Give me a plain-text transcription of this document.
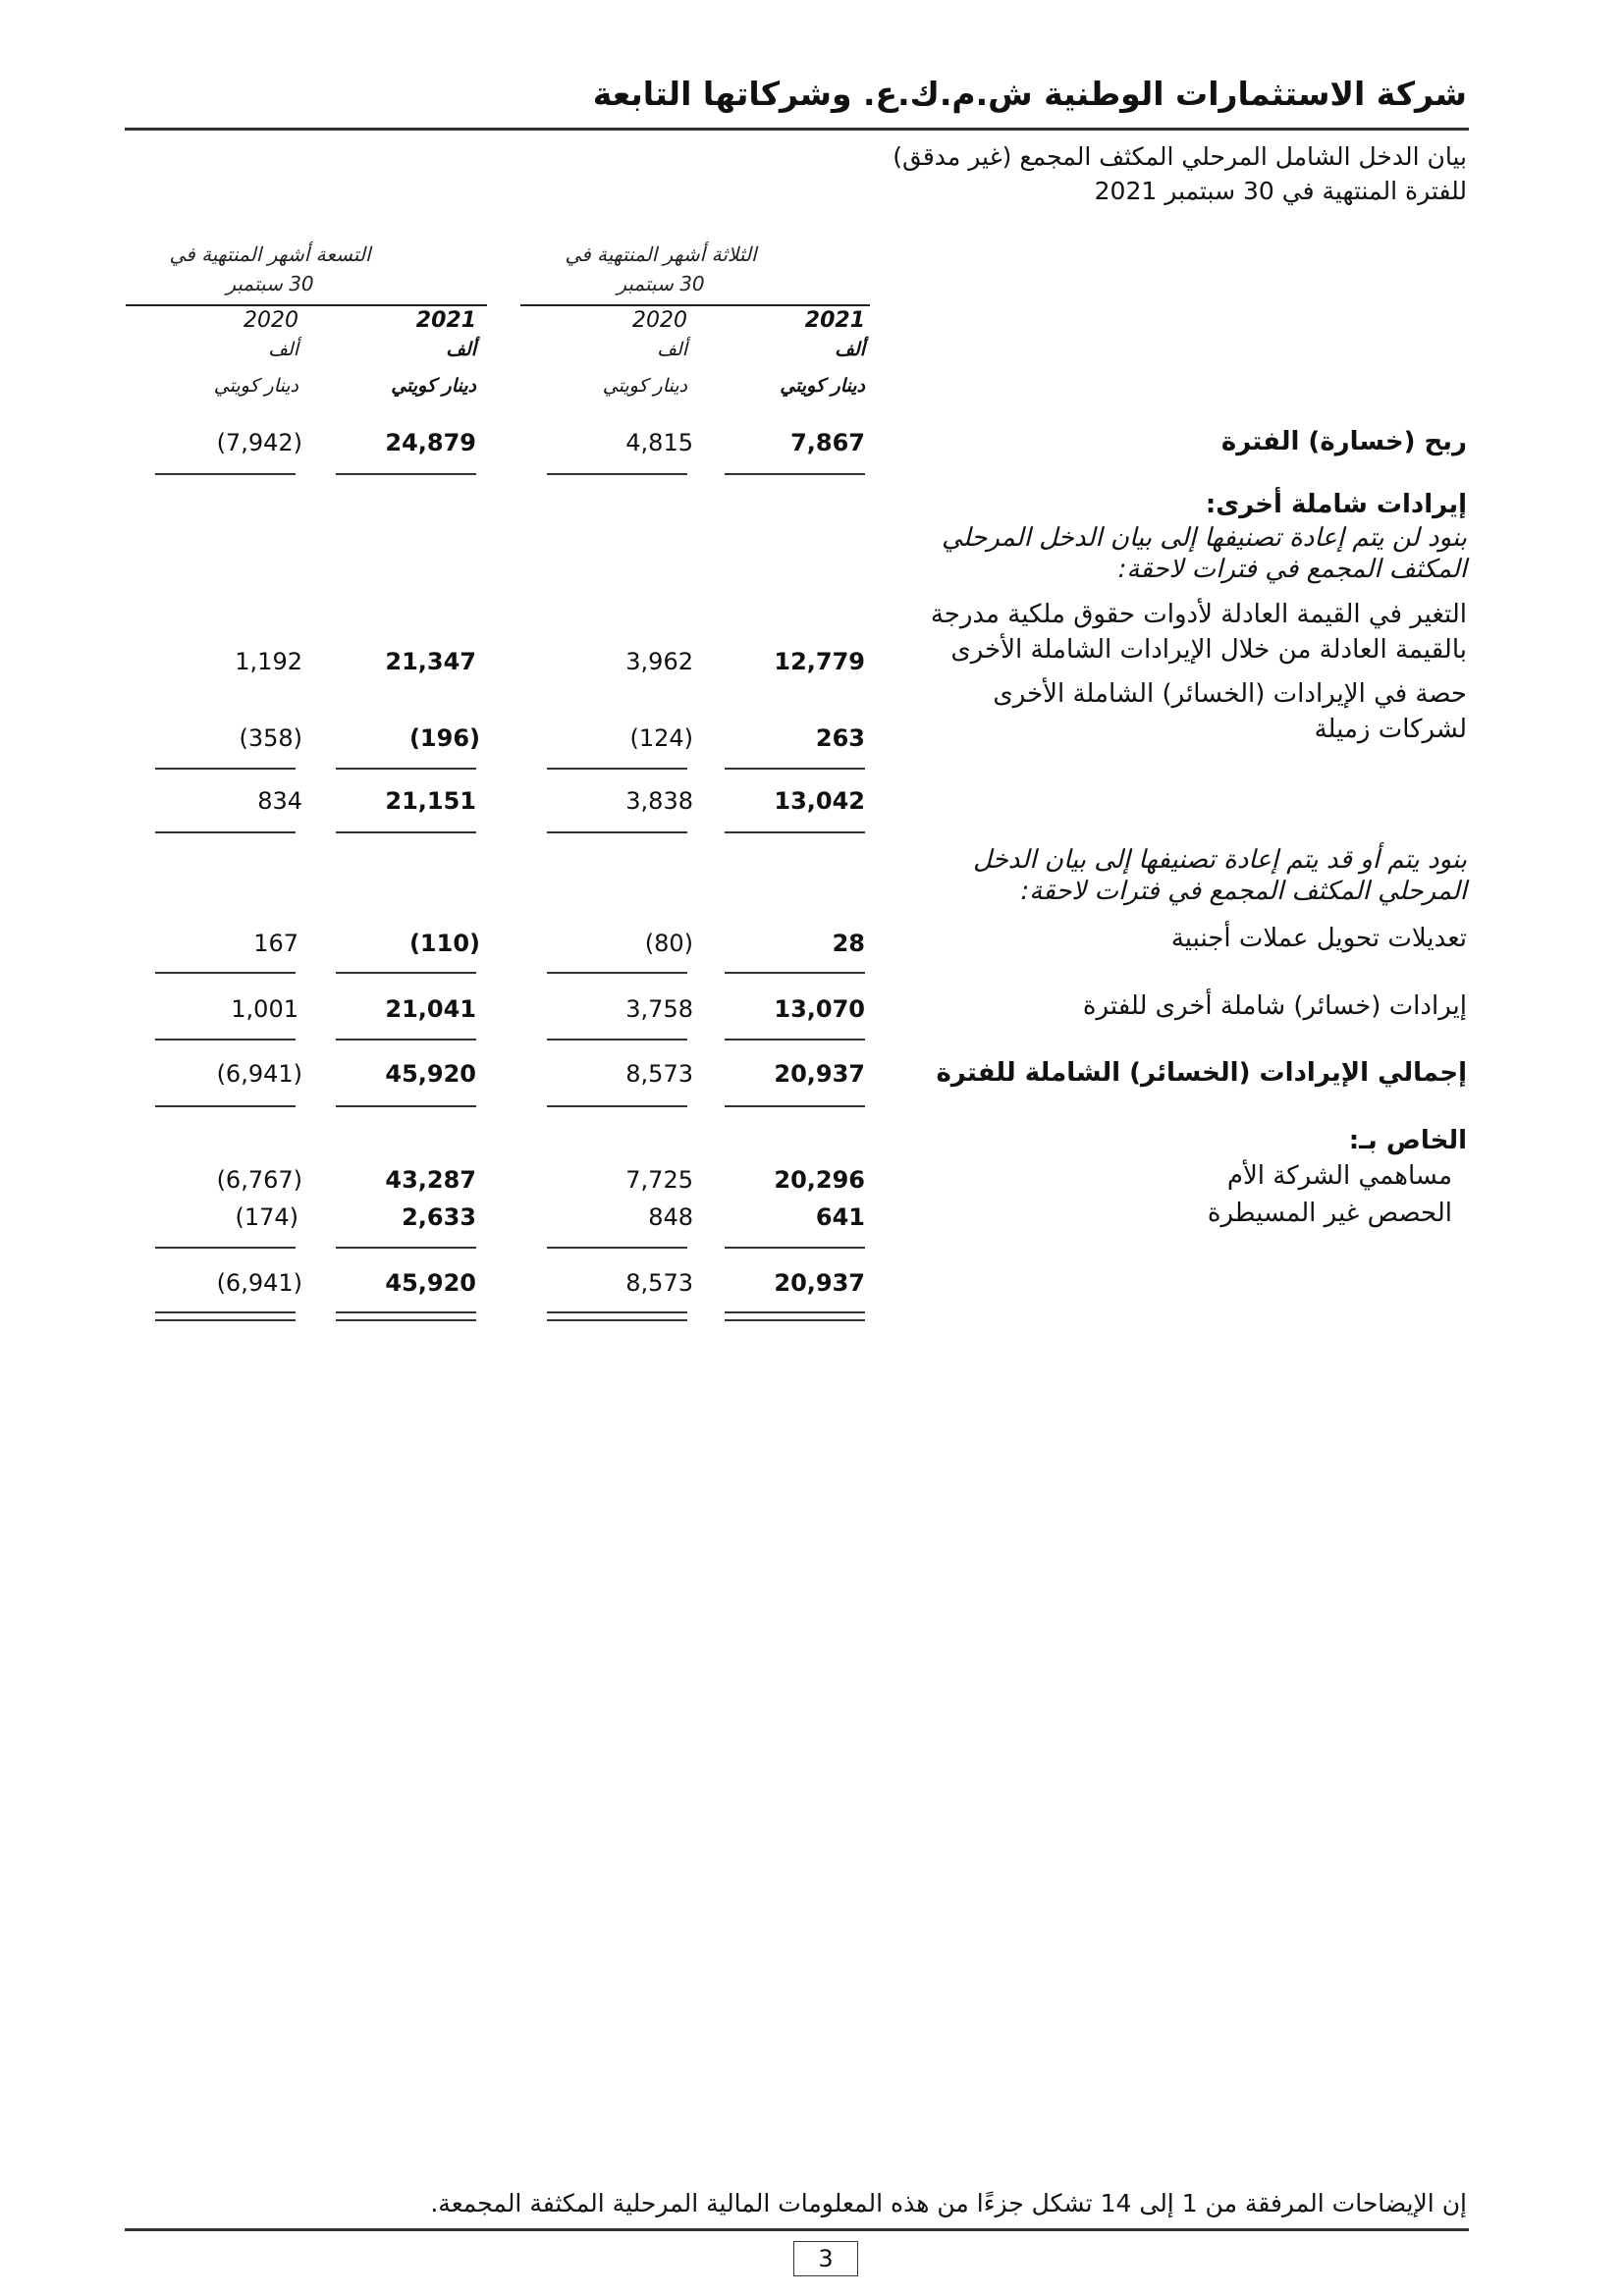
شركة الاستثمارات الوطنية ش.م.ك.ع. وشركاتها التابعة
بيان الدخل الشامل المرحلي المكثف المجمع (غير مدقق)
للفترة المنتهية في 30 سبتمبر 2021
التسعة أشهر المنتهية في
30 سبتمبر
الثلاثة أشهر المنتهية في
30 سبتمبر
2021
2020
2021
2020
ألف
ألف
ألف
ألف
دينار كويتي
دينار كويتي
دينار كويتي
دينار كويتي
ربح (خسارة) الفترة
7,867
4,815
24,879
(7,942)
إيرادات شاملة أخرى:
بنود لن يتم إعادة تصنيفها إلى بيان الدخل المرحلي المكثف المجمع في فترات لاحقة:
التغير في القيمة العادلة لأدوات حقوق ملكية مدرجة بالقيمة العادلة من خلال الإيرادات الشاملة الأخرى
12,779
3,962
21,347
1,192
حصة في الإيرادات (الخسائر) الشاملة الأخرى لشركات زميلة
263
(124)
(196)
(358)
13,042
3,838
21,151
834
بنود يتم أو قد يتم إعادة تصنيفها إلى بيان الدخل المرحلي المكثف المجمع في فترات لاحقة:
تعديلات تحويل عملات أجنبية
28
(80)
(110)
167
إيرادات (خسائر) شاملة أخرى للفترة
13,070
3,758
21,041
1,001
إجمالي الإيرادات (الخسائر) الشاملة للفترة
20,937
8,573
45,920
(6,941)
الخاص بـ:
مساهمي الشركة الأم
20,296
7,725
43,287
(6,767)
الحصص غير المسيطرة
641
848
2,633
(174)
20,937
8,573
45,920
(6,941)
إن الإيضاحات المرفقة من 1 إلى 14 تشكل جزءًا من هذه المعلومات المالية المرحلية المكثفة المجمعة.
3
